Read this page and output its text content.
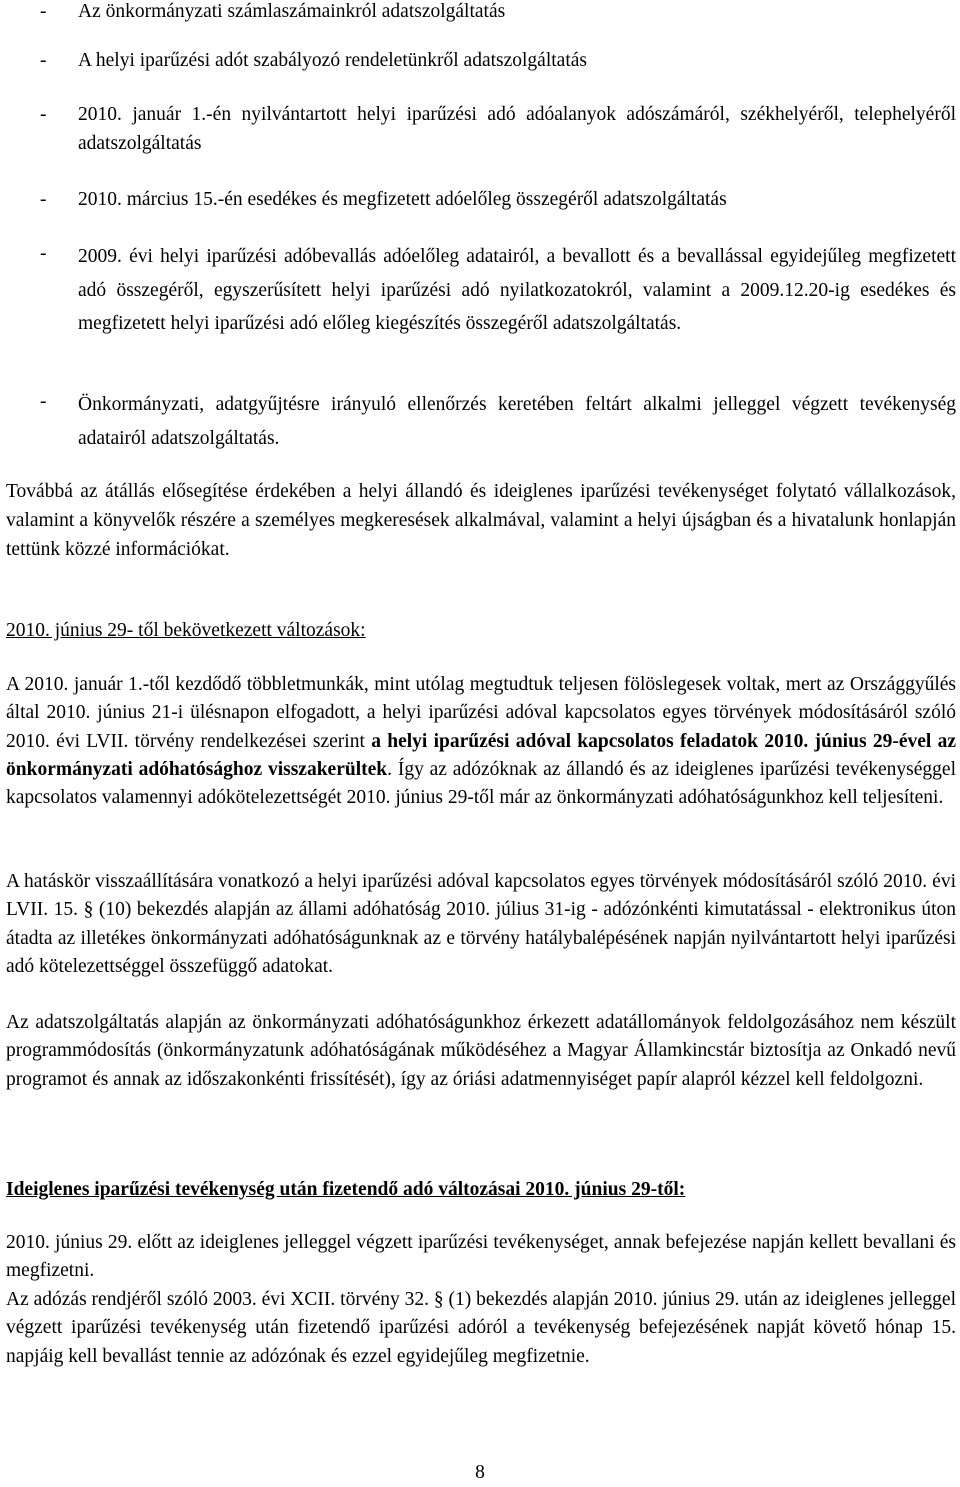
-	Az önkormányzati számlaszámainkról adatszolgáltatás
-	A helyi iparűzési adót szabályozó rendeletünkről adatszolgáltatás
-	2010. január 1.-én nyilvántartott helyi iparűzési adó adóalanyok adószámáról, székhelyéről, telephelyéről adatszolgáltatás
-	2010. március 15.-én esedékes és megfizetett adóelőleg összegéről adatszolgáltatás
-	2009. évi helyi iparűzési adóbevallás adóelőleg adatairól, a bevallott és a bevallással egyidejűleg megfizetett adó összegéről, egyszerűsített helyi iparűzési adó nyilatkozatokról, valamint a 2009.12.20-ig esedékes és megfizetett helyi iparűzési adó előleg kiegészítés összegéről adatszolgáltatás.
-	Önkormányzati, adatgyűjtésre irányuló ellenőrzés keretében feltárt alkalmi jelleggel végzett tevékenység adatairól adatszolgáltatás.
Továbbá az átállás elősegítése érdekében a helyi állandó és ideiglenes iparűzési tevékenységet folytató vállalkozások, valamint a könyvelők részére a személyes megkeresések alkalmával, valamint a helyi újságban és a hivatalunk honlapján tettünk közzé információkat.
2010. június 29- től bekövetkezett változások:
A 2010. január 1.-től kezdődő többletmunkák, mint utólag megtudtuk teljesen fölöslegesek voltak, mert az Országgyűlés által 2010. június 21-i ülésnapon elfogadott, a helyi iparűzési adóval kapcsolatos egyes törvények módosításáról szóló 2010. évi LVII. törvény rendelkezései szerint a helyi iparűzési adóval kapcsolatos feladatok 2010. június 29-ével az önkormányzati adóhatósághoz visszakerültek. Így az adózóknak az állandó és az ideiglenes iparűzési tevékenységgel kapcsolatos valamennyi adókötelezettségét 2010. június 29-től már az önkormányzati adóhatóságunkhoz kell teljesíteni.
A hatáskör visszaállítására vonatkozó a helyi iparűzési adóval kapcsolatos egyes törvények módosításáról szóló 2010. évi LVII. 15. § (10) bekezdés alapján az állami adóhatóság 2010. július 31-ig - adózónkénti kimutatással - elektronikus úton átadta az illetékes önkormányzati adóhatóságunknak az e törvény hatálybalépésének napján nyilvántartott helyi iparűzési adó kötelezettséggel összefüggő adatokat.
Az adatszolgáltatás alapján az önkormányzati adóhatóságunkhoz érkezett adatállományok feldolgozásához nem készült programmódosítás (önkormányzatunk adóhatóságának működéséhez a Magyar Államkincstár biztosítja az Onkadó nevű programot és annak az időszakonkénti frissítését), így az óriási adatmennyiséget papír alapról kézzel kell feldolgozni.
Ideiglenes iparűzési tevékenység után fizetendő adó változásai 2010. június 29-től:
2010. június 29. előtt az ideiglenes jelleggel végzett iparűzési tevékenységet, annak befejezése napján kellett bevallani és megfizetni.
Az adózás rendjéről szóló 2003. évi XCII. törvény 32. § (1) bekezdés alapján 2010. június 29. után az ideiglenes jelleggel végzett iparűzési tevékenység után fizetendő iparűzési adóról a tevékenység befejezésének napját követő hónap 15. napjáig kell bevallást tennie az adózónak és ezzel egyidejűleg megfizetnie.
8
